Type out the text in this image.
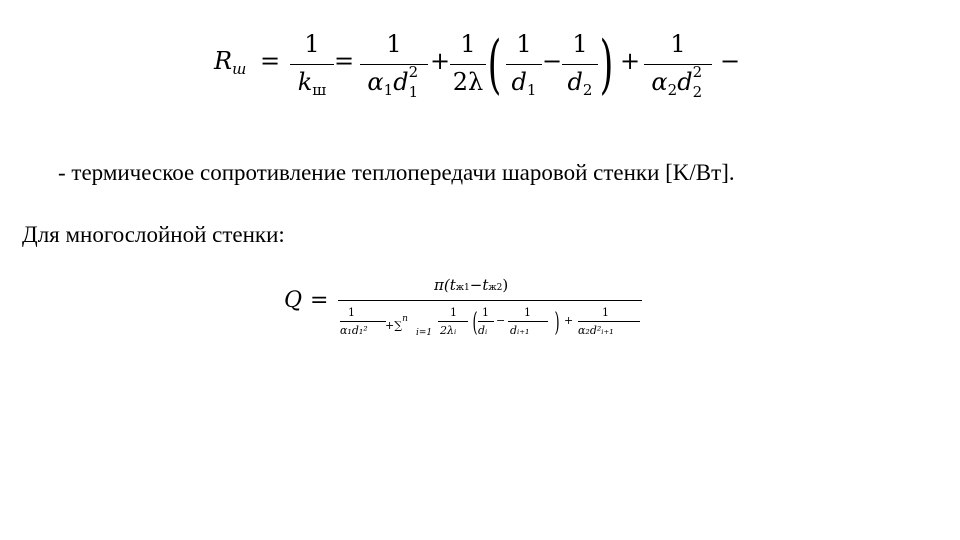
$R_ш$ =
1
$k_ш$
=
1
$\alpha_1d$ 2
1
+
1
2λ ( 1
$d_1$
−
1
$d_2$ ) +
1
$\alpha_2d$ 2
2
−
- термическое сопротивление теплопередачи шаровой стенки [K/Вт].
Для многослойной стенки:
Q =
π(tж1−tж2)
1
α₁d₁² +∑$^n$
i=1
1
2λᵢ ( 1
dᵢ
−
1
dᵢ₊₁ ) +
1
α₂d²ᵢ₊₁
